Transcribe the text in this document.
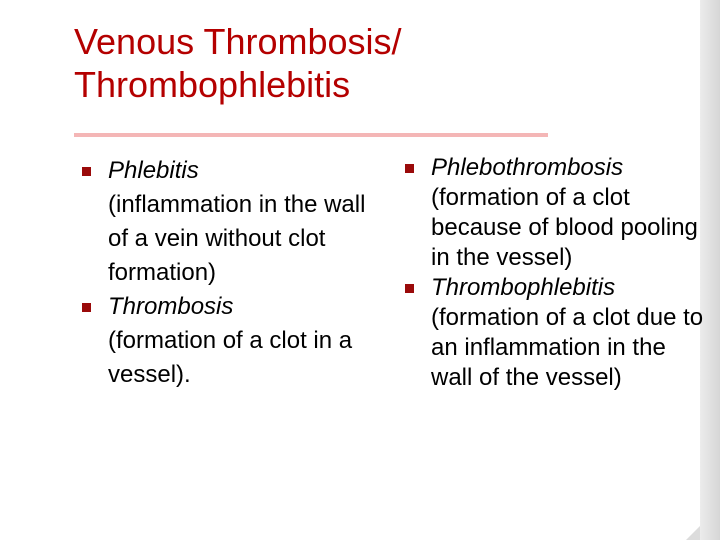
Venous Thrombosis/
Thrombophlebitis
Phlebitis
(inflammation in the wall of a vein without clot formation)
Thrombosis
(formation of a clot in a vessel).
Phlebothrombosis
(formation of a clot because of blood pooling in the vessel)
Thrombophlebitis
(formation of a clot due to an inflammation in the wall of the vessel)
